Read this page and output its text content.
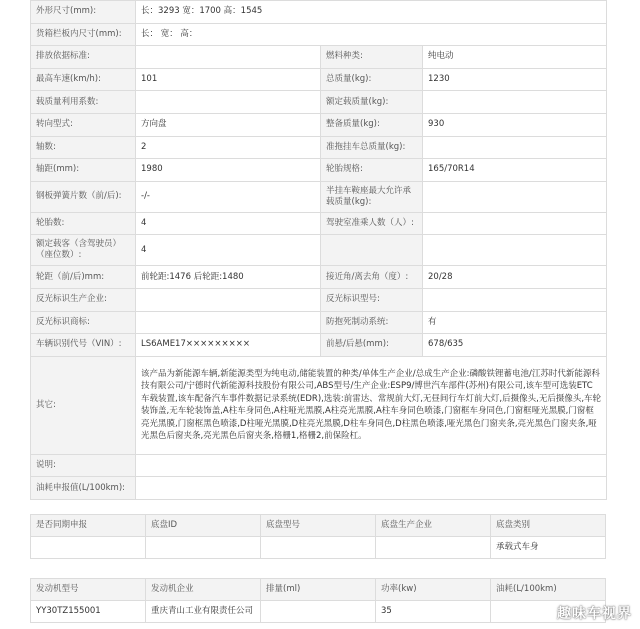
外形尺寸(mm):	长：3293 宽：1700 高：1545		
货箱栏板内尺寸(mm):	长： 宽： 高：		
排放依据标准:		燃料种类:	纯电动
最高车速(km/h):	101	总质量(kg):	1230
载质量利用系数:		额定载质量(kg):	
转向型式:	方向盘	整备质量(kg):	930
轴数:	2	准拖挂车总质量(kg):	
轴距(mm):	1980	轮胎规格:	165/70R14
钢板弹簧片数（前/后):	-/-	半挂车鞍座最大允许承载质量(kg):	
轮胎数:	4	驾驶室准乘人数（人）:	
额定载客（含驾驶员）（座位数）:	4		
轮距（前/后)mm:	前轮距:1476 后轮距:1480	接近角/离去角（度）:	20/28
反光标识生产企业:		反光标识型号:	
反光标识商标:		防抱死制动系统:	有
车辆识别代号（VIN）:	LS6AME17×××××××××	前悬/后悬(mm):	678/635
其它:	该产品为新能源车辆,新能源类型为纯电动,储能装置的种类/单体生产企业/总成生产企业:磷酸铁锂蓄电池/江苏时代新能源科技有限公司/宁德时代新能源科技股份有限公司,ABS型号/生产企业:ESP9/博世汽车部件(苏州)有限公司,该车型可选装ETC车载装置,该车配备汽车事件数据记录系统(EDR),选装:前雷达、常规前大灯,无昼间行车灯前大灯,后摄像头,无后摄像头,车轮装饰盖,无车轮装饰盖,A柱车身同色,A柱哑光黑膜,A柱亮光黑膜,A柱车身同色喷漆,门窗框车身同色,门窗框哑光黑膜,门窗框亮光黑膜,门窗框黑色喷漆,D柱哑光黑膜,D柱亮光黑膜,D柱车身同色,D柱黑色喷漆,哑光黑色门窗夹条,亮光黑色门窗夹条,哑光黑色后窗夹条,亮光黑色后窗夹条,格栅1,格栅2,前保险杠。		
说明:			
油耗申报值(L/100km):			
是否同期申报	底盘ID	底盘型号	底盘生产企业	底盘类别
				承载式车身
发动机型号	发动机企业	排量(ml)	功率(kw)	油耗(L/100km)
YY30TZ155001	重庆青山工业有限责任公司		35		趣味车视界
